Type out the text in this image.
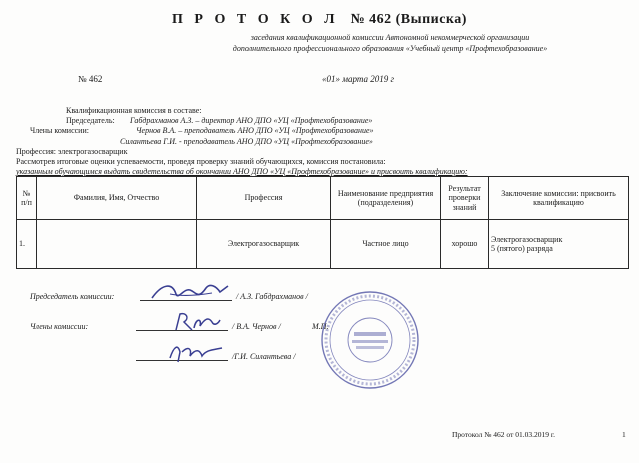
П Р О Т О К О Л № 462 (Выписка)
заседания квалификационной комиссии Автономной некоммерческой организации
дополнительного профессионального образования «Учебный центр «Профтехобразование»
№ 462	«01» марта 2019 г
Квалификационная комиссия в составе:
Председатель: Габдрахманов А.З. – директор АНО ДПО «УЦ «Профтехобразование»
Члены комиссии:	Чернов В.А. – преподаватель АНО ДПО «УЦ «Профтехобразование»
Силантьева Г.И. - преподаватель АНО ДПО «УЦ «Профтехобразование»
Профессия: электрогазосварщик
Рассмотрев итоговые оценки успеваемости, проведя проверку знаний обучающихся, комиссия постановила:
указанным обучающимся выдать свидетельства об окончании АНО ДПО «УЦ «Профтехобразование» и присвоить квалификацию:
№ п/п	Фамилия, Имя, Отчество	Профессия	Наименование предприятия (подразделения)	Результат проверки знаний	Заключение комиссии: присвоить квалификацию
1.		Электрогазосварщик	Частное лицо	хорошо	Электрогазосварщик
5 (пятого) разряда
Председатель комиссии:	/ А.З. Габдрахманов /
Члены комиссии:	/ В.А. Чернов /	М.П.
/Г.И. Силантьева /
Протокол № 462 от 01.03.2019 г.	1
